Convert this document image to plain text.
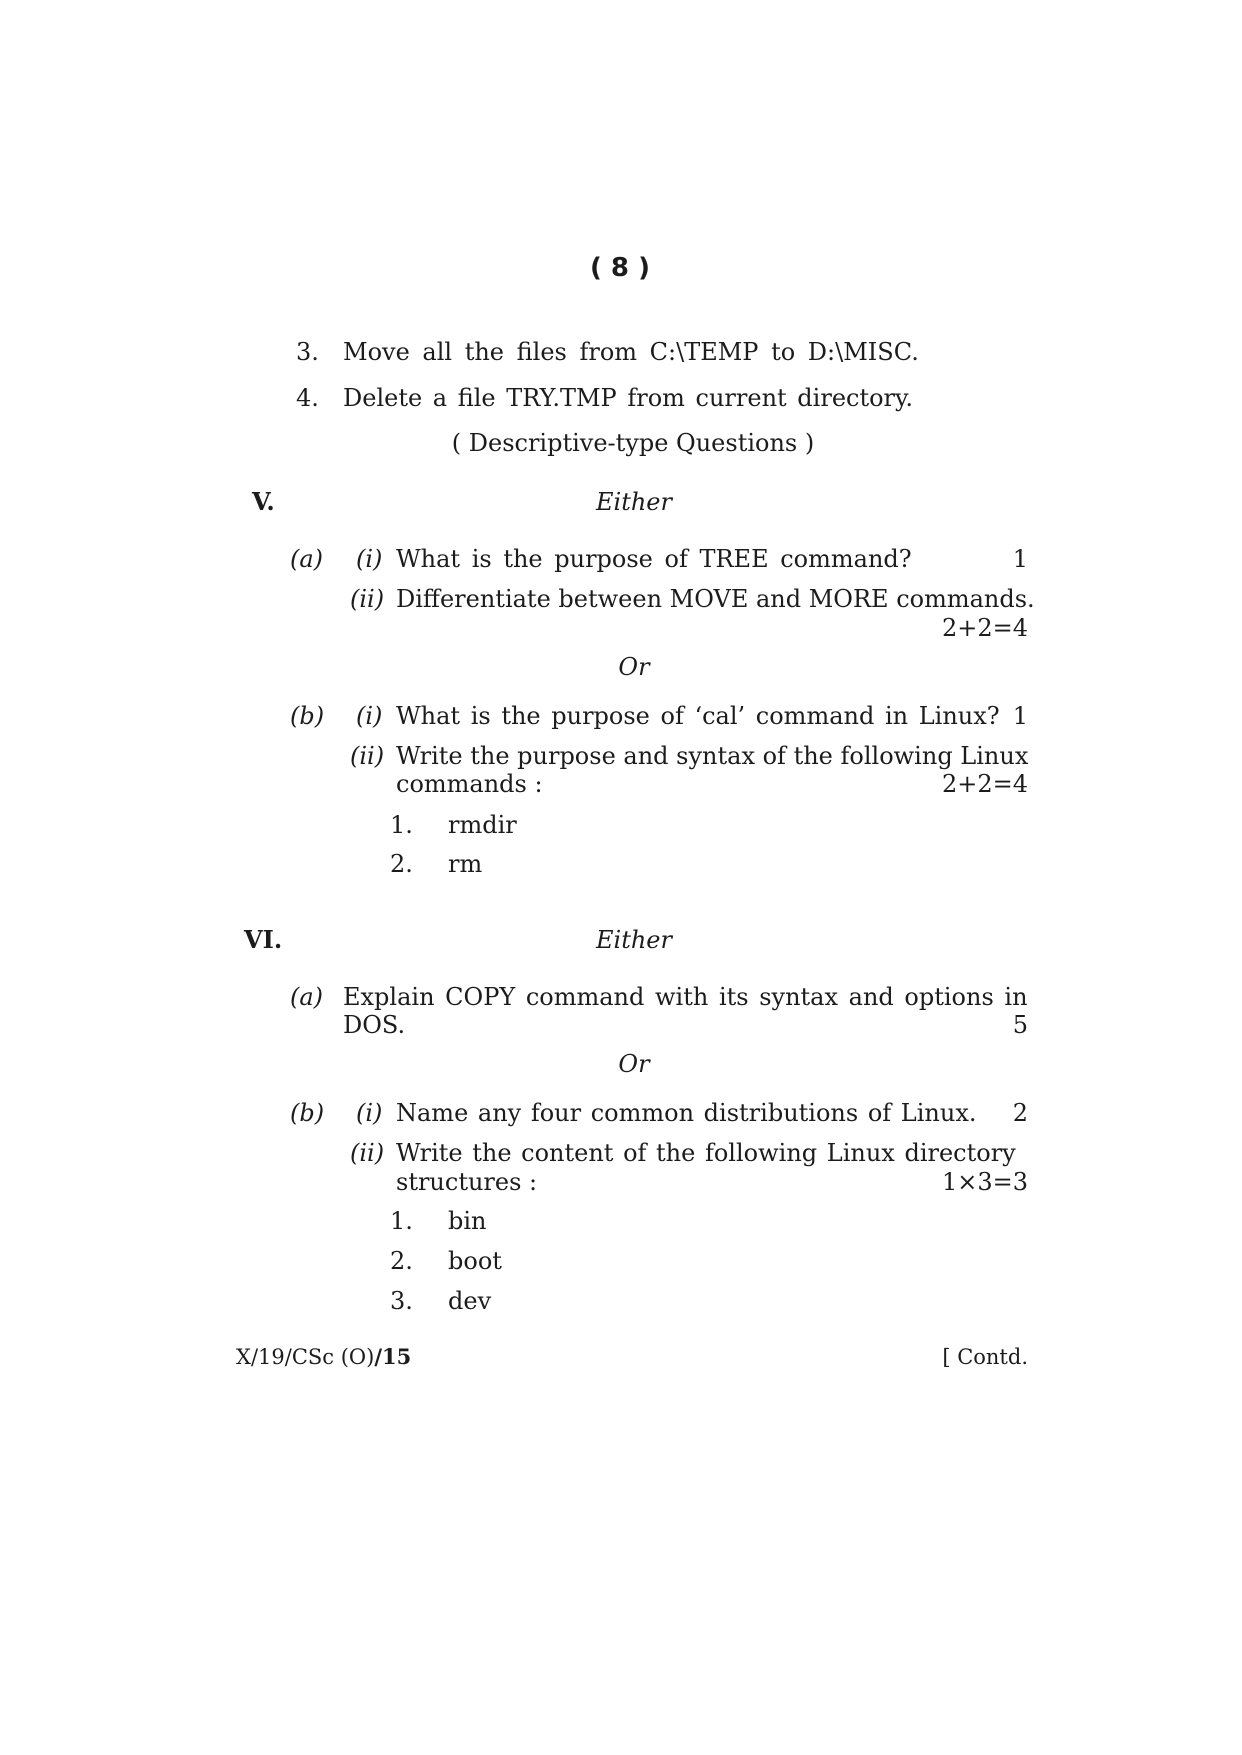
( 8 )
3. Move all the files from C:\TEMP to D:\MISC.
4. Delete a file TRY.TMP from current directory.
( Descriptive-type Questions )
V.	Either
(a) (i) What is the purpose of TREE command?	1
(ii) Differentiate between MOVE and MORE commands.
2+2=4
Or
(b) (i) What is the purpose of ‘cal’ command in Linux? 1
(ii) Write the purpose and syntax of the following Linux
commands :	2+2=4
1. rmdir
2. rm
VI.	Either
(a) Explain COPY command with its syntax and options in
DOS.	5
Or
(b) (i) Name any four common distributions of Linux.	2
(ii) Write the content of the following Linux directory
structures :	1×3=3
1. bin
2. boot
3. dev
X/19/CSc (O)/15	[ Contd.
